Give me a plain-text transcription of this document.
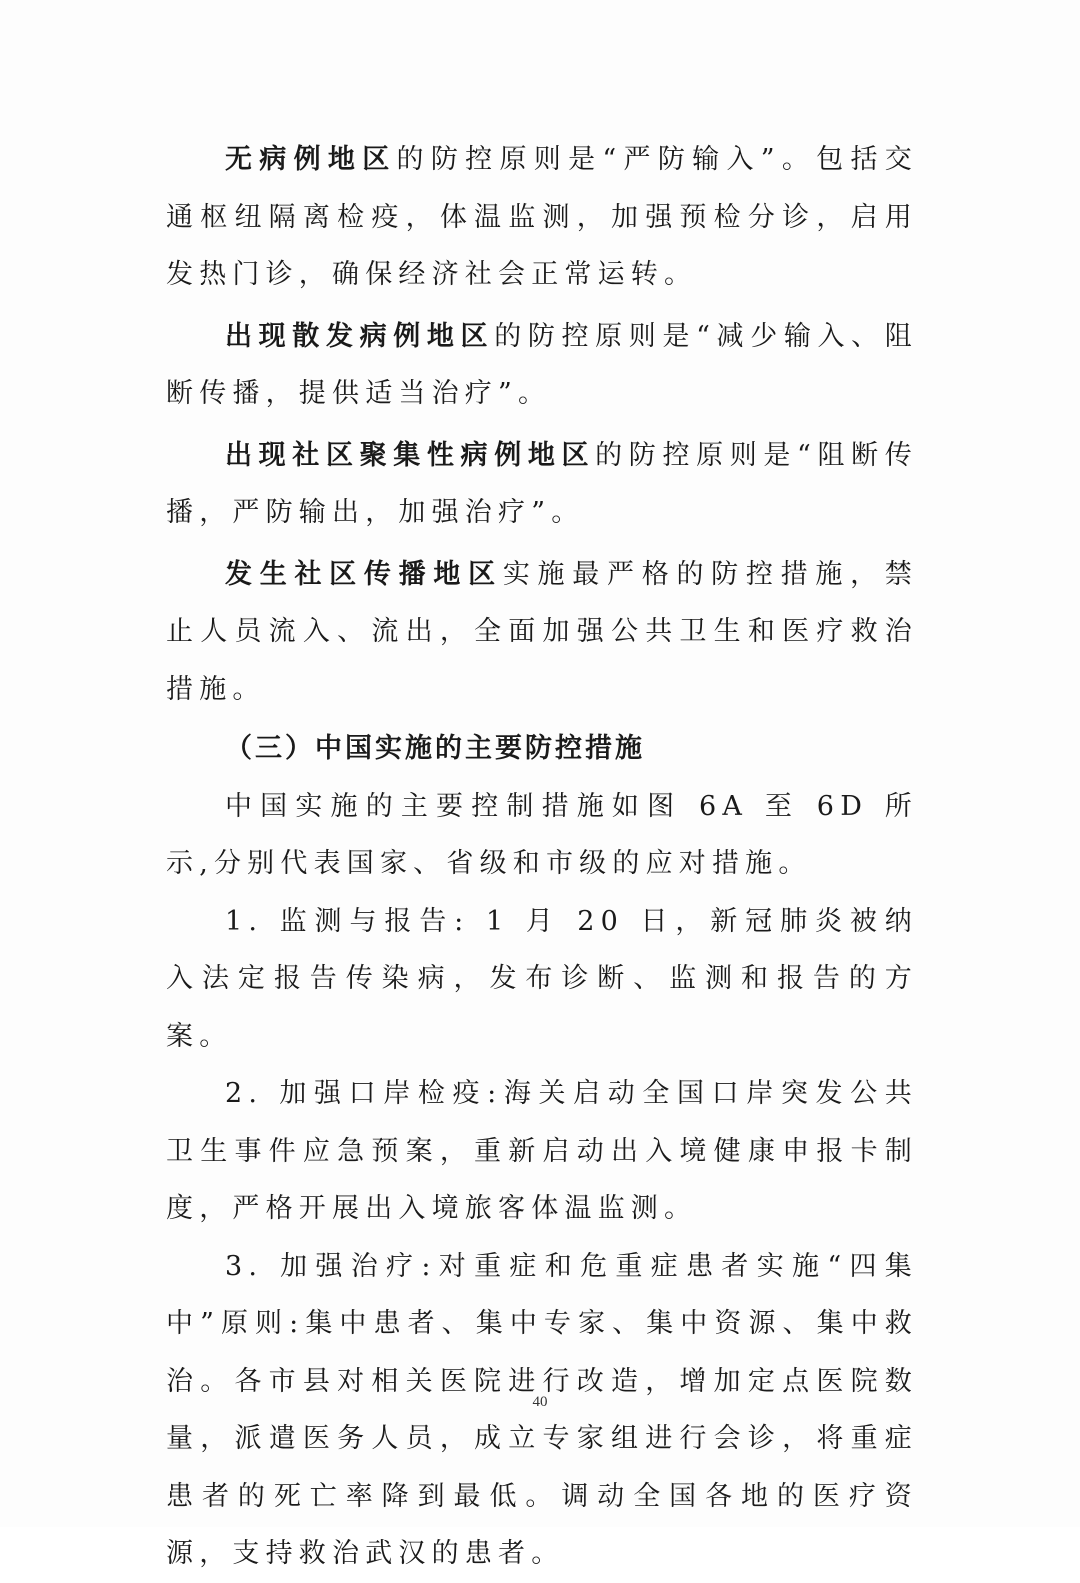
无病例地区的防控原则是“严防输入”。包括交通枢纽隔离检疫，体温监测，加强预检分诊，启用发热门诊，确保经济社会正常运转。

出现散发病例地区的防控原则是“减少输入、阻断传播，提供适当治疗”。

出现社区聚集性病例地区的防控原则是“阻断传播，严防输出，加强治疗”。

发生社区传播地区实施最严格的防控措施，禁止人员流入、流出，全面加强公共卫生和医疗救治措施。

（三）中国实施的主要防控措施

中国实施的主要控制措施如图 6A 至 6D 所示,分别代表国家、省级和市级的应对措施。

1. 监测与报告: 1 月 20 日，新冠肺炎被纳入法定报告传染病，发布诊断、监测和报告的方案。

2. 加强口岸检疫:海关启动全国口岸突发公共卫生事件应急预案，重新启动出入境健康申报卡制度，严格开展出入境旅客体温监测。

3. 加强治疗:对重症和危重症患者实施“四集中”原则:集中患者、集中专家、集中资源、集中救治。各市县对相关医院进行改造，增加定点医院数量，派遣医务人员，成立专家组进行会诊，将重症患者的死亡率降到最低。调动全国各地的医疗资源，支持救治武汉的患者。

40
